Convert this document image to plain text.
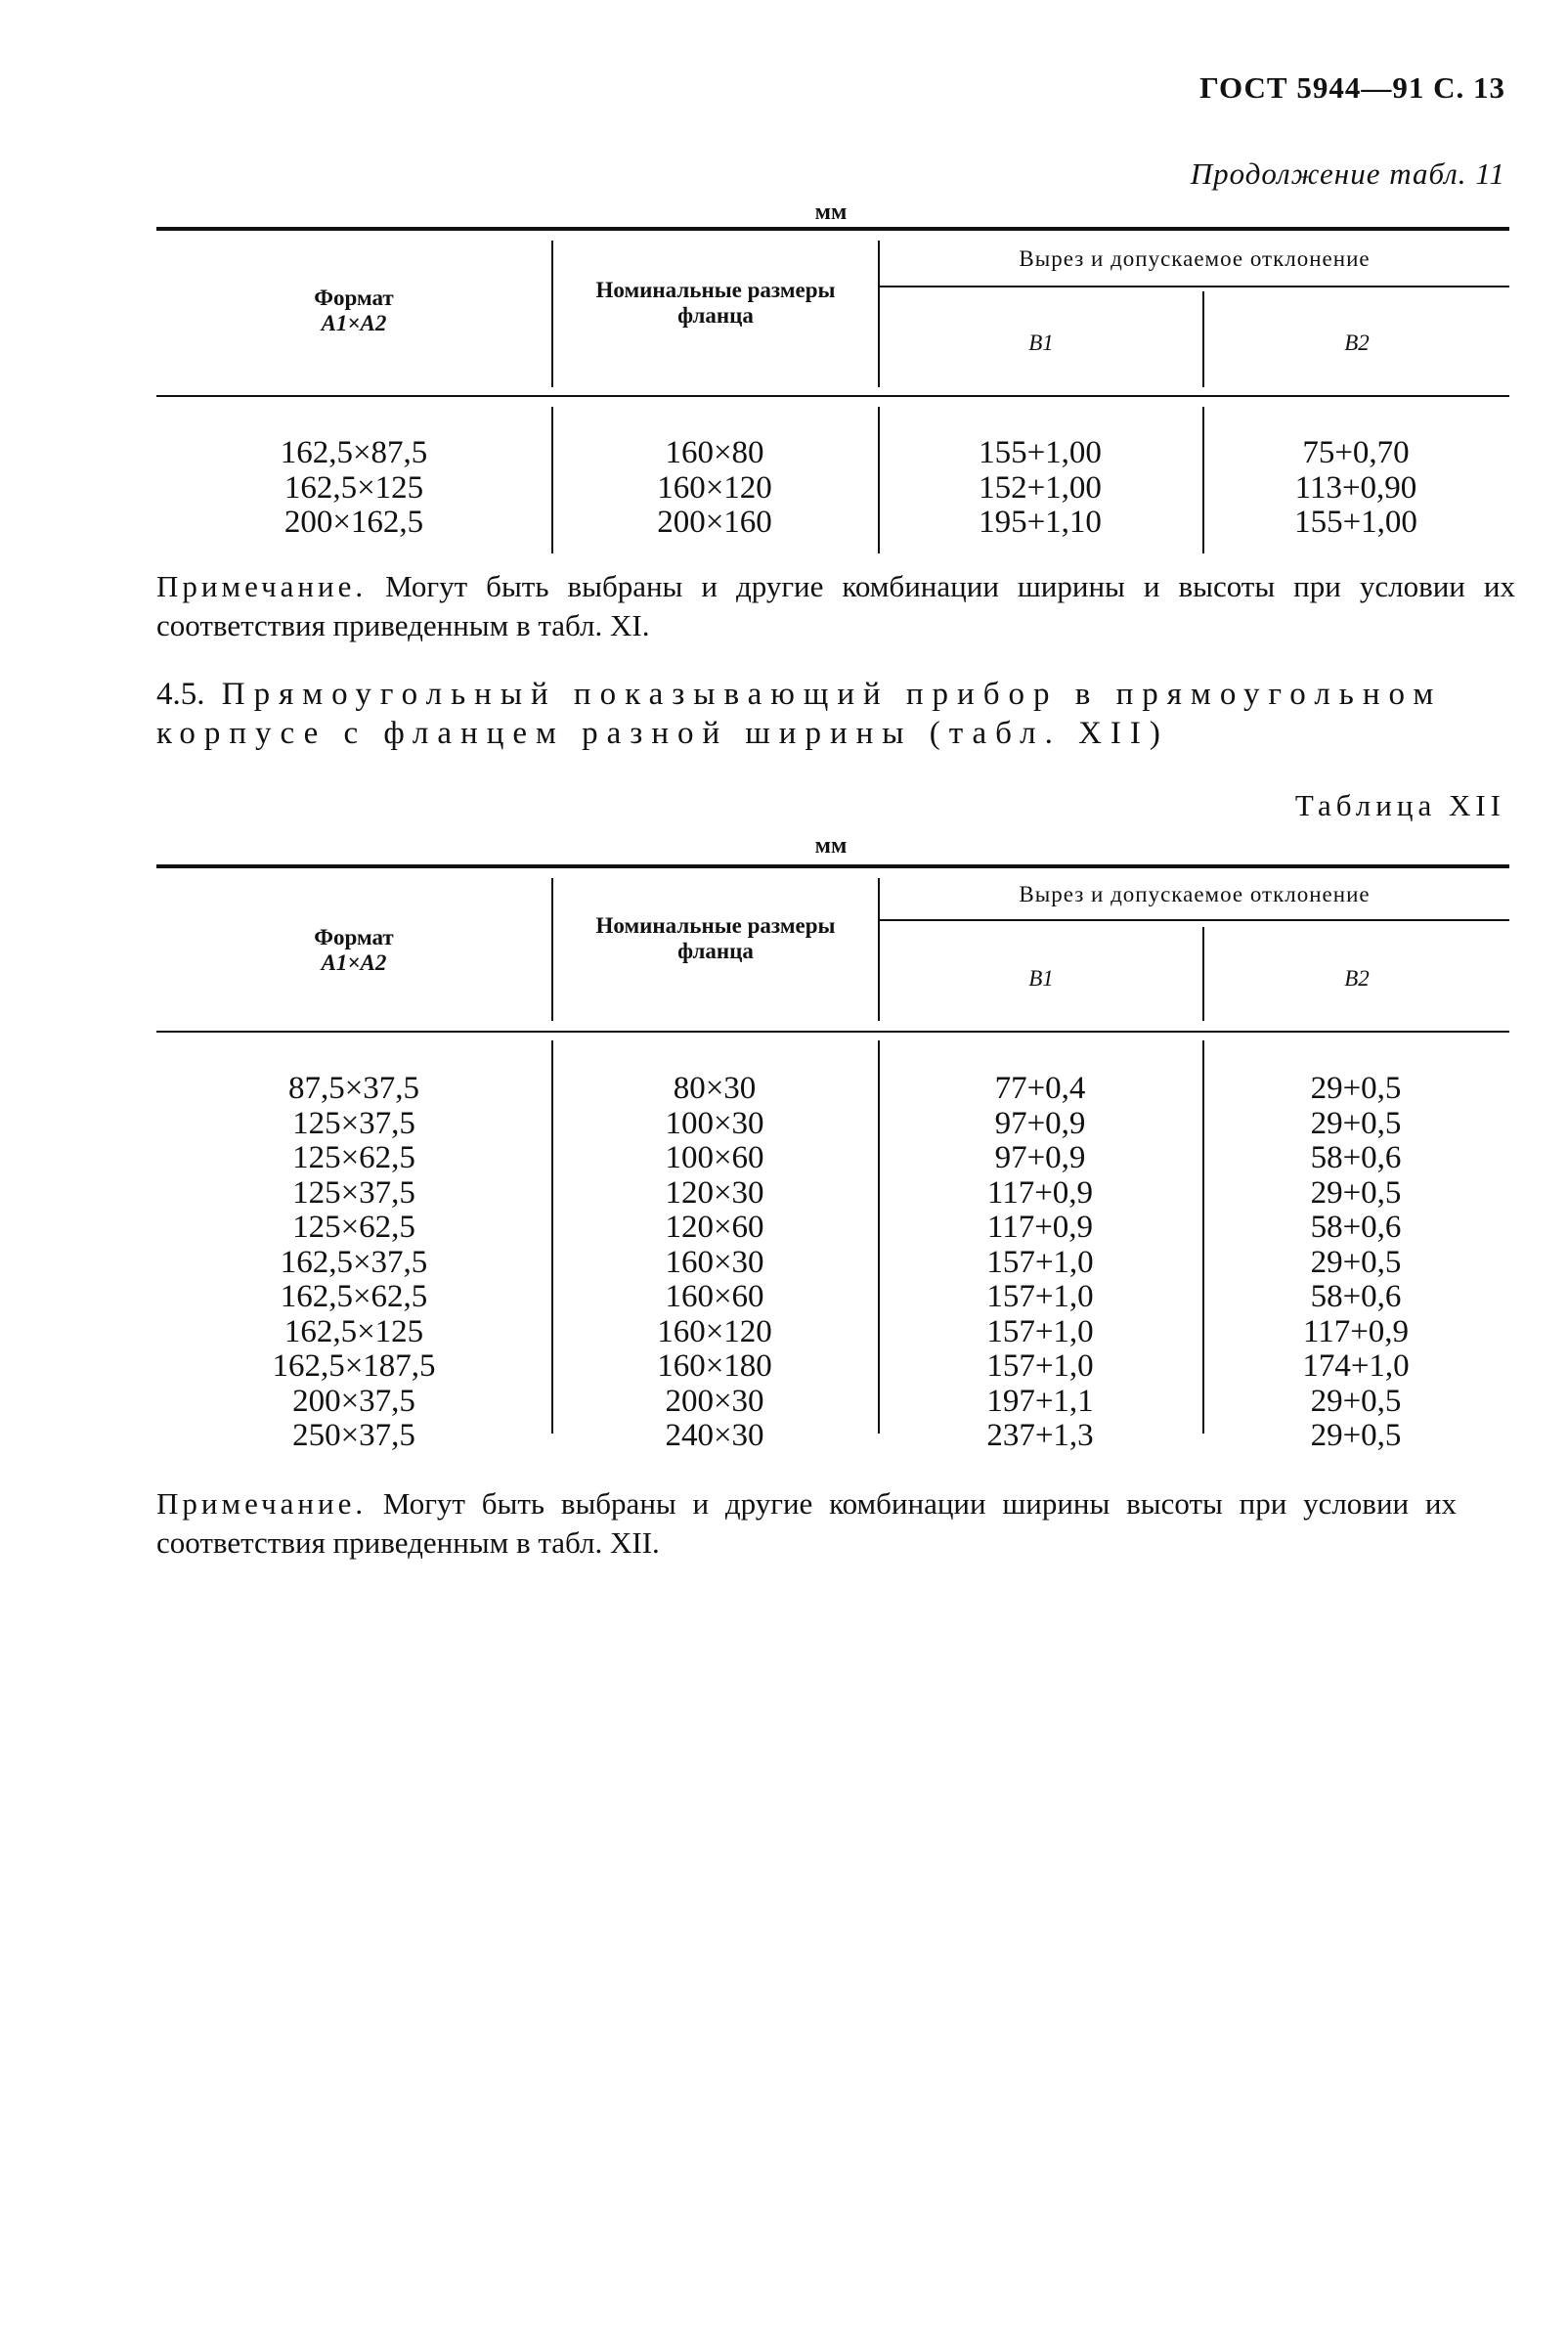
ГОСТ 5944—91 С. 13
Продолжение табл. 11
мм
Формат
A1×A2
Номинальные размеры фланца
Вырез и допускаемое отклонение
B1	B2
162,5×87,5
162,5×125
200×162,5
160×80
160×120
200×160
155+1,00
152+1,00
195+1,10
75+0,70
113+0,90
155+1,00
Примечание. Могут быть выбраны и другие комбинации ширины и высоты при условии их соответствия приведенным в табл. XI.
4.5. Прямоугольный показывающий прибор в прямоугольном корпусе с фланцем разной ширины (табл. XII)
Таблица XII
мм
Формат
A1×A2
Номинальные размеры фланца
Вырез и допускаемое отклонение
B1	B2
87,5×37,5
125×37,5
125×62,5
125×37,5
125×62,5
162,5×37,5
162,5×62,5
162,5×125
162,5×187,5
200×37,5
250×37,5
80×30
100×30
100×60
120×30
120×60
160×30
160×60
160×120
160×180
200×30
240×30
77+0,4
97+0,9
97+0,9
117+0,9
117+0,9
157+1,0
157+1,0
157+1,0
157+1,0
197+1,1
237+1,3
29+0,5
29+0,5
58+0,6
29+0,5
58+0,6
29+0,5
58+0,6
117+0,9
174+1,0
29+0,5
29+0,5
Примечание. Могут быть выбраны и другие комбинации ширины высоты при условии их соответствия приведенным в табл. XII.
